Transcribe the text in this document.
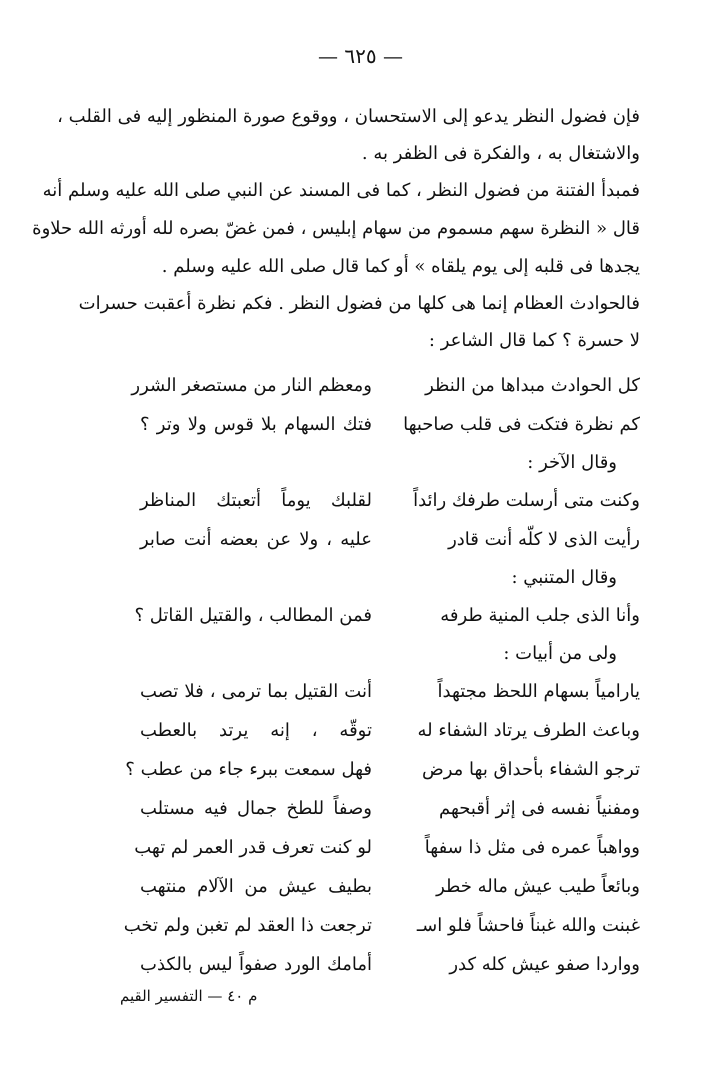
— ٦٢٥ —
فإن فضول النظر يدعو إلى الاستحسان ، ووقوع صورة المنظور إليه فى القلب ،
والاشتغال به ، والفكرة فى الظفر به .
فمبدأ الفتنة من فضول النظر ، كما فى المسند عن النبي صلى الله عليه وسلم أنه
قال « النظرة سهم مسموم من سهام إبليس ، فمن غضّ بصره لله أورثه الله حلاوة
يجدها فى قلبه إلى يوم يلقاه » أو كما قال صلى الله عليه وسلم .
فالحوادث العظام إنما هى كلها من فضول النظر . فكم نظرة أعقبت حسرات
لا حسرة ؟ كما قال الشاعر :
كل الحوادث مبداها من النظر
ومعظم النار من مستصغر الشرر
كم نظرة فتكت فى قلب صاحبها
فتك السهام بلا قوس ولا وتر ؟
وقال الآخر :
وكنت متى أرسلت طرفك رائداً
لقلبك يوماً أتعبتك المناظر
رأيت الذى لا كلّه أنت قادر
عليه ، ولا عن بعضه أنت صابر
وقال المتنبي :
وأنا الذى جلب المنية طرفه
فمن المطالب ، والقتيل القاتل ؟
ولى من أبيات :
يارامياً بسهام اللحظ مجتهداً
أنت القتيل بما ترمى ، فلا تصب
وباعث الطرف يرتاد الشفاء له
توقّه ، إنه يرتد بالعطب
ترجو الشفاء بأحداق بها مرض
فهل سمعت ببرء جاء من عطب ؟
ومفنياً نفسه فى إثر أقبحهم
وصفاً للطخ جمال فيه مستلب
وواهباً عمره فى مثل ذا سفهاً
لو كنت تعرف قدر العمر لم تهب
وبائعاً طيب عيش ماله خطر
بطيف عيش من الآلام منتهب
غبنت والله غبناً فاحشاً فلو اسـ
ترجعت ذا العقد لم تغبن ولم تخب
وواردا صفو عيش كله كدر
أمامك الورد صفواً ليس بالكذب
م ٤٠ — التفسير القيم
